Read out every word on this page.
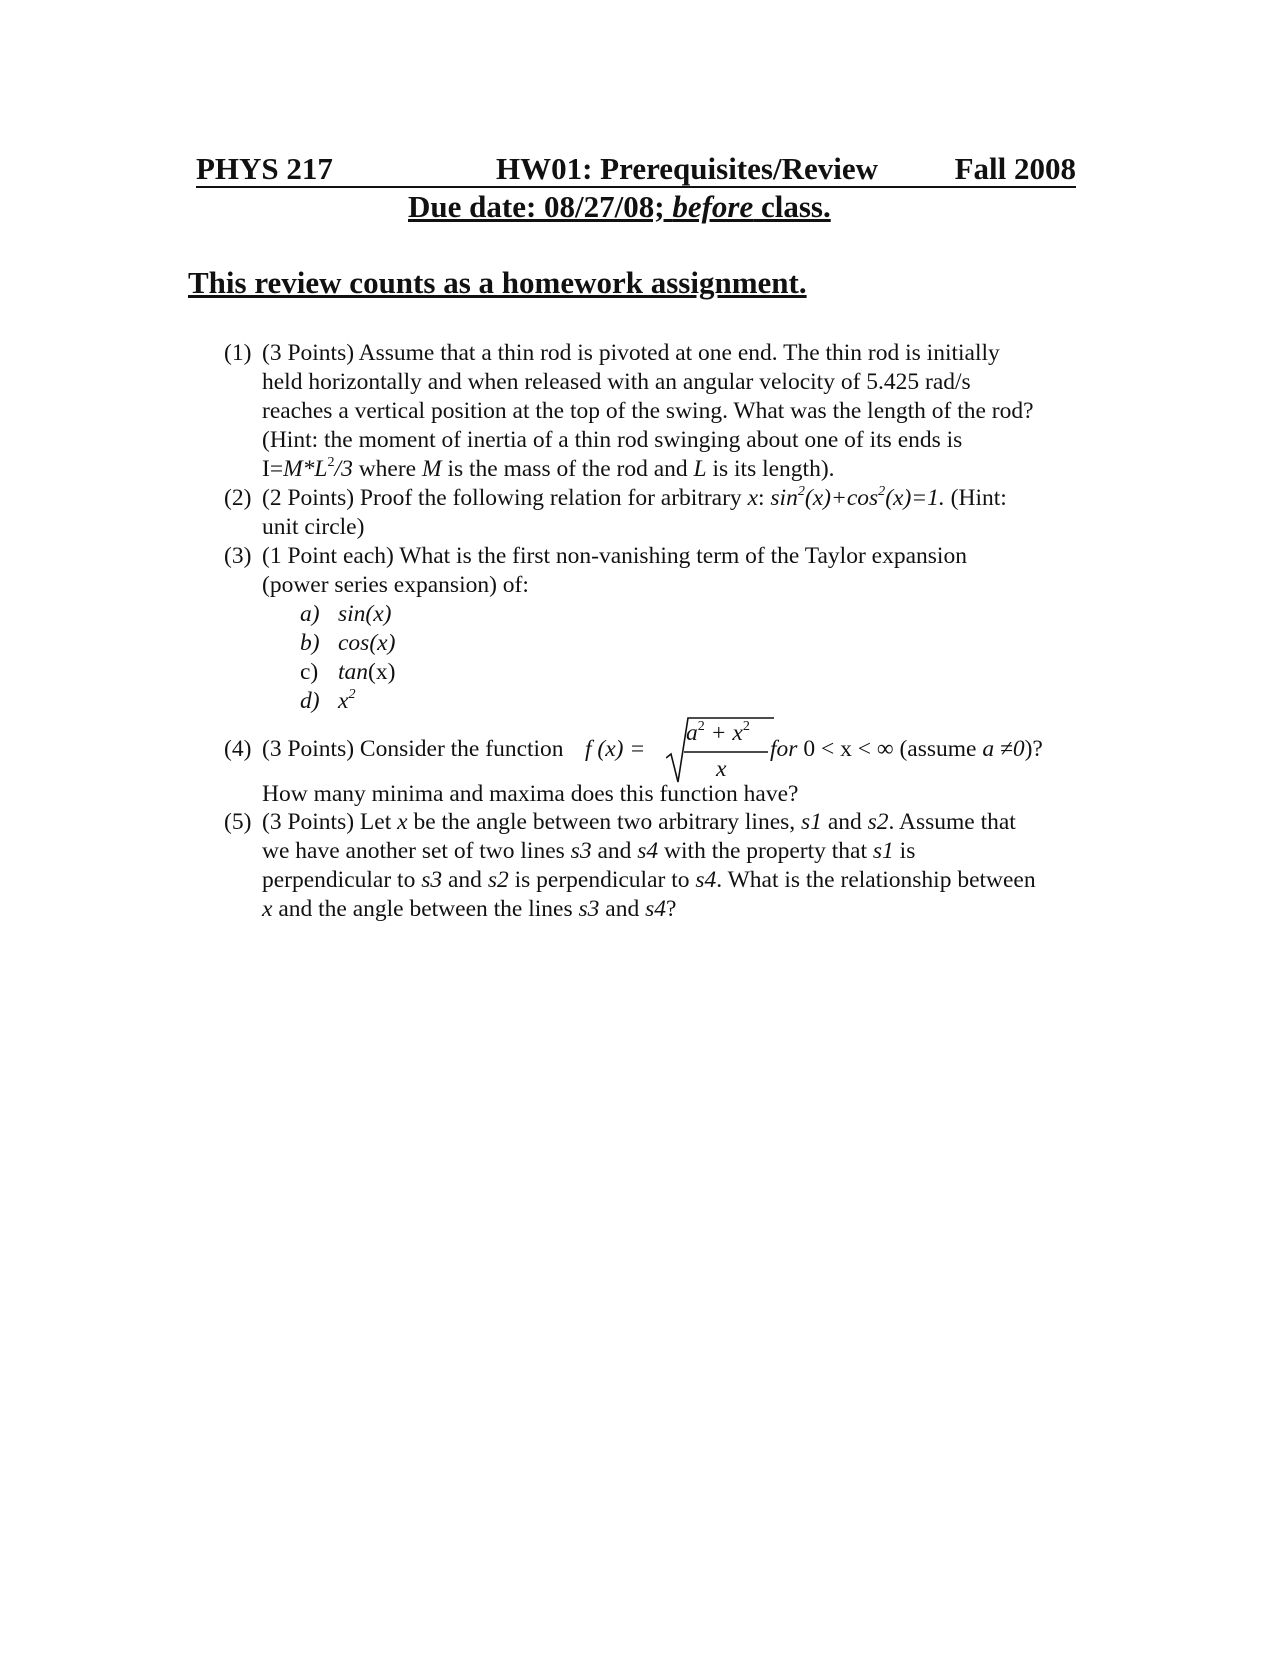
PHYS 217	HW01: Prerequisites/Review Fall 2008
Due date: 08/27/08; before class.
This review counts as a homework assignment.
(1) (3 Points) Assume that a thin rod is pivoted at one end. The thin rod is initially
held horizontally and when released with an angular velocity of 5.425 rad/s
reaches a vertical position at the top of the swing. What was the length of the rod?
(Hint: the moment of inertia of a thin rod swinging about one of its ends is
$I=M*L^2/3$ where M is the mass of the rod and L is its length).
(2) (2 Points) Proof the following relation for arbitrary x: $\sin^2(x)+\cos^2(x)=1$. (Hint:
unit circle)
(3) (1 Point each) What is the first non-vanishing term of the Taylor expansion
(power series expansion) of:
a) sin(x)
b) cos(x)
c) tan(x)
d) $x^2$
(4) (3 Points) Consider the function f (x) =
$a^2 + x^2$
x
for 0 < x < ∞ (assume a ≠0)?
How many minima and maxima does this function have?
(5) (3 Points) Let x be the angle between two arbitrary lines, s1 and s2. Assume that
we have another set of two lines s3 and s4 with the property that s1 is
perpendicular to s3 and s2 is perpendicular to s4. What is the relationship between
x and the angle between the lines s3 and s4?
